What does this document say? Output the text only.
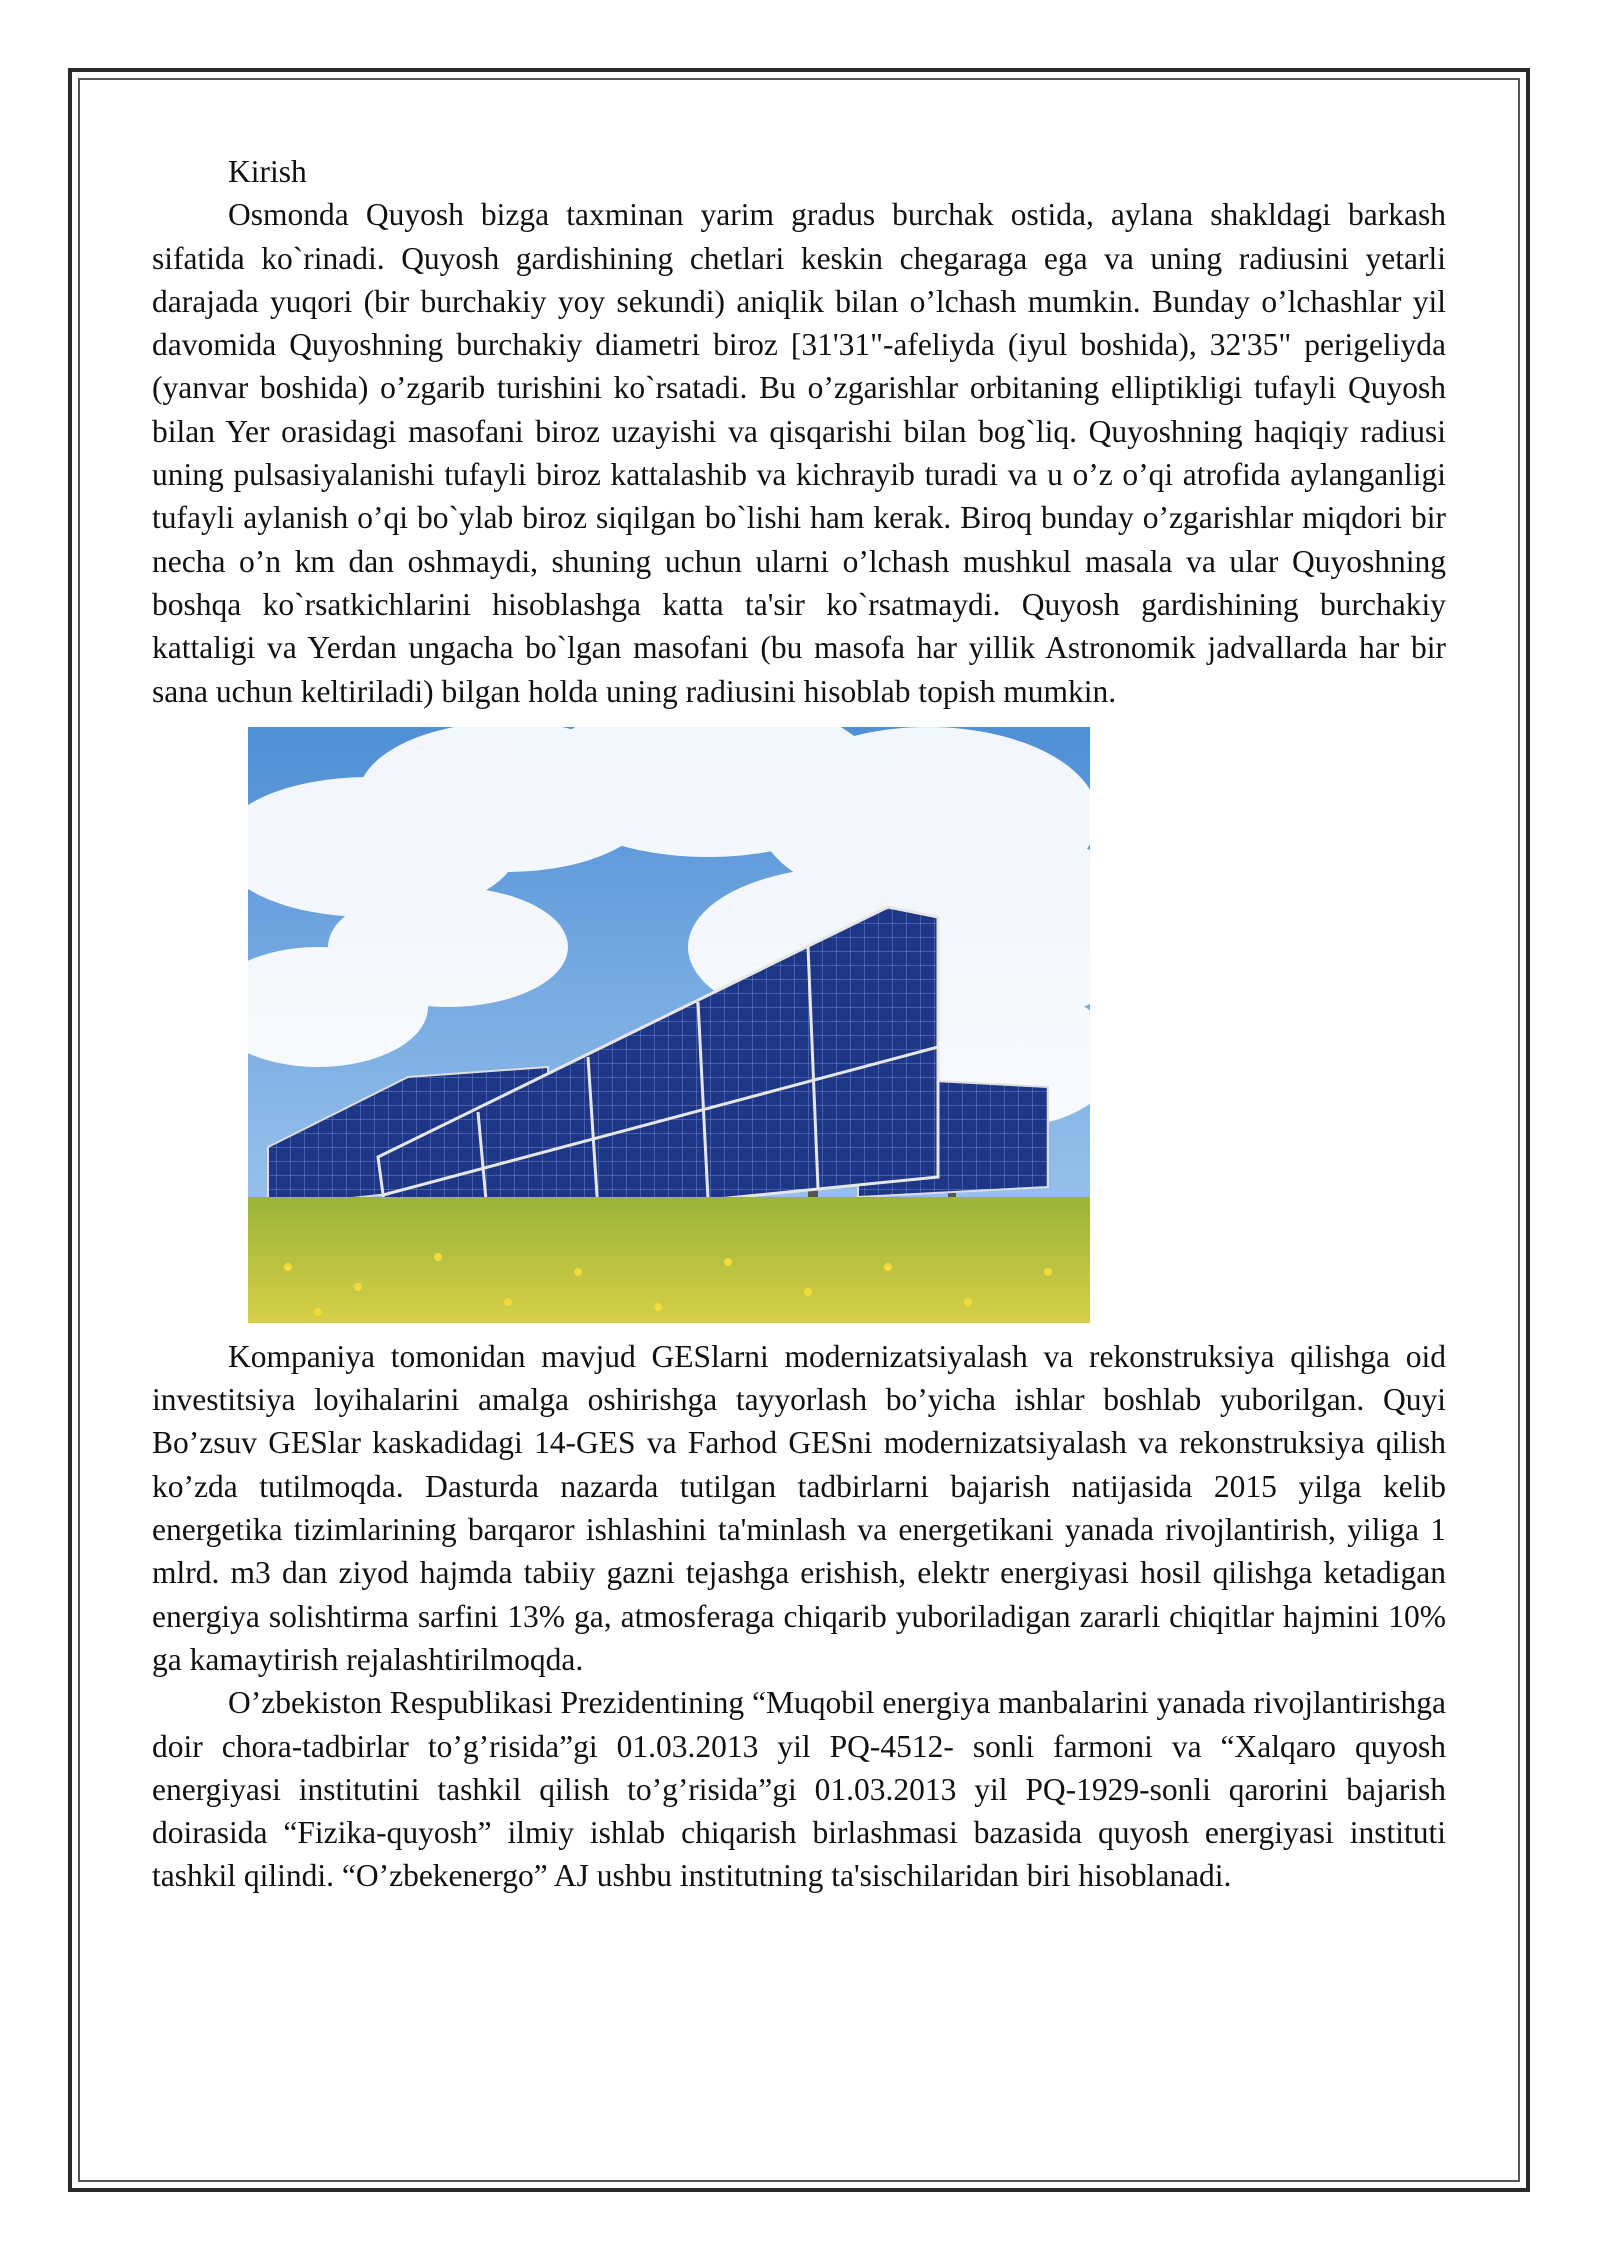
Kirish

Osmonda Quyosh bizga taxminan yarim gradus burchak ostida, aylana shakldagi barkash sifatida ko`rinadi. Quyosh gardishining chetlari keskin chegaraga ega va uning radiusini yetarli darajada yuqori (bir burchakiy yoy sekundi) aniqlik bilan o’lchash mumkin. Bunday o’lchashlar yil davomida Quyoshning burchakiy diametri biroz [31'31"-afeliyda (iyul boshida), 32'35" perigeliyda (yanvar boshida) o’zgarib turishini ko`rsatadi. Bu o’zgarishlar orbitaning elliptikligi tufayli Quyosh bilan Yer orasidagi masofani biroz uzayishi va qisqarishi bilan bog`liq. Quyoshning haqiqiy radiusi uning pulsasiyalanishi tufayli biroz kattalashib va kichrayib turadi va u o’z o’qi atrofida aylanganligi tufayli aylanish o’qi bo`ylab biroz siqilgan bo`lishi ham kerak. Biroq bunday o’zgarishlar miqdori bir necha o’n km dan oshmaydi, shuning uchun ularni o’lchash mushkul masala va ular Quyoshning boshqa ko`rsatkichlarini hisoblashga katta ta'sir ko`rsatmaydi. Quyosh gardishining burchakiy kattaligi va Yerdan ungacha bo`lgan masofani (bu masofa har yillik Astronomik jadvallarda har bir sana uchun keltiriladi) bilgan holda uning radiusini hisoblab topish mumkin.

Kompaniya tomonidan mavjud GESlarni modernizatsiyalash va rekonstruksiya qilishga oid investitsiya loyihalarini amalga oshirishga tayyorlash bo’yicha ishlar boshlab yuborilgan. Quyi Bo’zsuv GESlar kaskadidagi 14-GES va Farhod GESni modernizatsiyalash va rekonstruksiya qilish ko’zda tutilmoqda. Dasturda nazarda tutilgan tadbirlarni bajarish natijasida 2015 yilga kelib energetika tizimlarining barqaror ishlashini ta'minlash va energetikani yanada rivojlantirish, yiliga 1 mlrd. m3 dan ziyod hajmda tabiiy gazni tejashga erishish, elektr energiyasi hosil qilishga ketadigan energiya solishtirma sarfini 13% ga, atmosferaga chiqarib yuboriladigan zararli chiqitlar hajmini 10% ga kamaytirish rejalashtirilmoqda.

O’zbekiston Respublikasi Prezidentining “Muqobil energiya manbalarini yanada rivojlantirishga doir chora-tadbirlar to’g’risida”gi 01.03.2013 yil PQ-4512- sonli farmoni va “Xalqaro quyosh energiyasi institutini tashkil qilish to’g’risida”gi 01.03.2013 yil PQ-1929-sonli qarorini bajarish doirasida “Fizika-quyosh” ilmiy ishlab chiqarish birlashmasi bazasida quyosh energiyasi instituti tashkil qilindi. “O’zbekenergo” AJ ushbu institutning ta'sischilaridan biri hisoblanadi.
